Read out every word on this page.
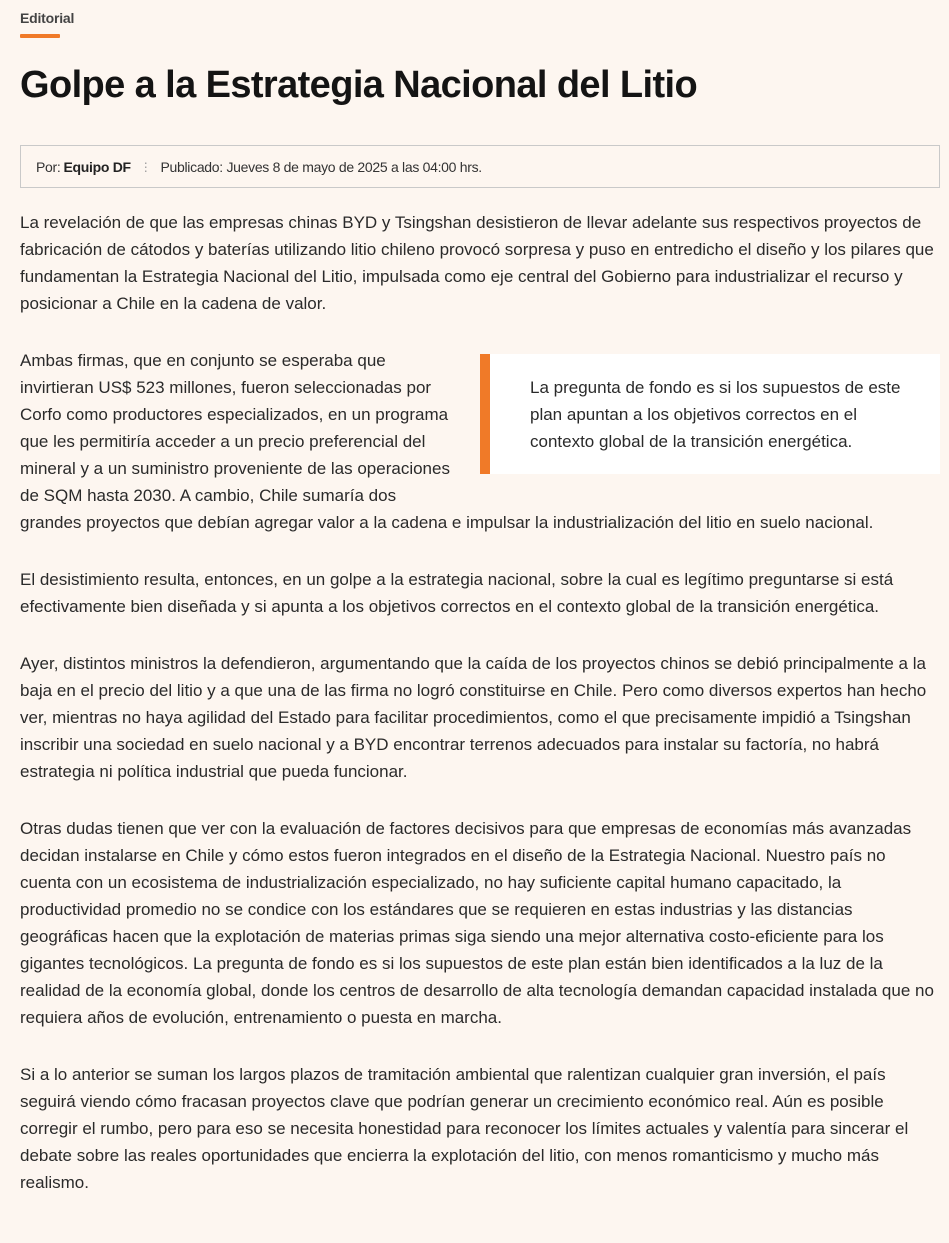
Editorial
Golpe a la Estrategia Nacional del Litio
Por: Equipo DF ⋮ Publicado: Jueves 8 de mayo de 2025 a las 04:00 hrs.

La revelación de que las empresas chinas BYD y Tsingshan desistieron de llevar adelante sus respectivos proyectos de fabricación de cátodos y baterías utilizando litio chileno provocó sorpresa y puso en entredicho el diseño y los pilares que fundamentan la Estrategia Nacional del Litio, impulsada como eje central del Gobierno para industrializar el recurso y posicionar a Chile en la cadena de valor.

La pregunta de fondo es si los supuestos de este plan apuntan a los objetivos correctos en el contexto global de la transición energética.

Ambas firmas, que en conjunto se esperaba que invirtieran US$ 523 millones, fueron seleccionadas por Corfo como productores especializados, en un programa que les permitiría acceder a un precio preferencial del mineral y a un suministro proveniente de las operaciones de SQM hasta 2030. A cambio, Chile sumaría dos grandes proyectos que debían agregar valor a la cadena e impulsar la industrialización del litio en suelo nacional.

El desistimiento resulta, entonces, en un golpe a la estrategia nacional, sobre la cual es legítimo preguntarse si está efectivamente bien diseñada y si apunta a los objetivos correctos en el contexto global de la transición energética.

Ayer, distintos ministros la defendieron, argumentando que la caída de los proyectos chinos se debió principalmente a la baja en el precio del litio y a que una de las firma no logró constituirse en Chile. Pero como diversos expertos han hecho ver, mientras no haya agilidad del Estado para facilitar procedimientos, como el que precisamente impidió a Tsingshan inscribir una sociedad en suelo nacional y a BYD encontrar terrenos adecuados para instalar su factoría, no habrá estrategia ni política industrial que pueda funcionar.

Otras dudas tienen que ver con la evaluación de factores decisivos para que empresas de economías más avanzadas decidan instalarse en Chile y cómo estos fueron integrados en el diseño de la Estrategia Nacional. Nuestro país no cuenta con un ecosistema de industrialización especializado, no hay suficiente capital humano capacitado, la productividad promedio no se condice con los estándares que se requieren en estas industrias y las distancias geográficas hacen que la explotación de materias primas siga siendo una mejor alternativa costo-eficiente para los gigantes tecnológicos. La pregunta de fondo es si los supuestos de este plan están bien identificados a la luz de la realidad de la economía global, donde los centros de desarrollo de alta tecnología demandan capacidad instalada que no requiera años de evolución, entrenamiento o puesta en marcha.

Si a lo anterior se suman los largos plazos de tramitación ambiental que ralentizan cualquier gran inversión, el país seguirá viendo cómo fracasan proyectos clave que podrían generar un crecimiento económico real. Aún es posible corregir el rumbo, pero para eso se necesita honestidad para reconocer los límites actuales y valentía para sincerar el debate sobre las reales oportunidades que encierra la explotación del litio, con menos romanticismo y mucho más realismo.
